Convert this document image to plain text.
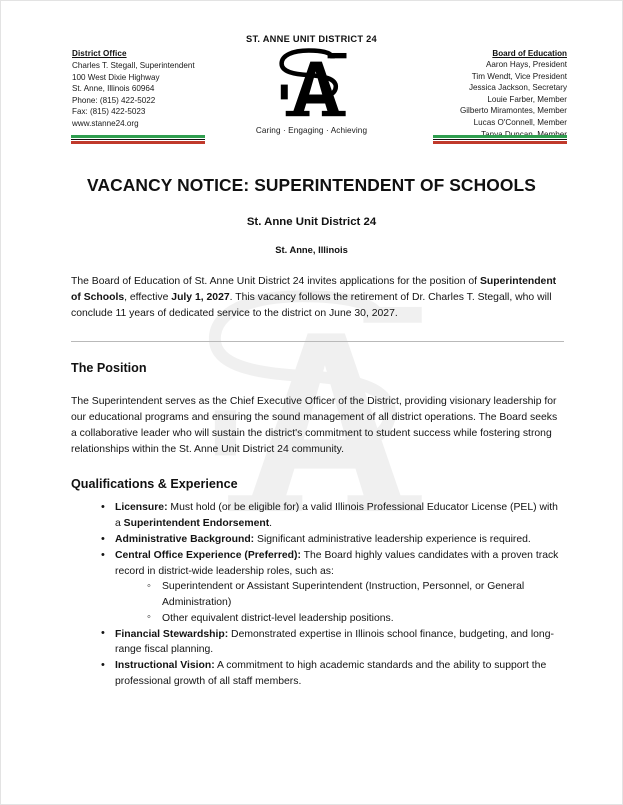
District Office
Charles T. Stegall, Superintendent
100 West Dixie Highway
St. Anne, Illinois 60964
Phone: (815) 422-5022
Fax: (815) 422-5023
www.stanne24.org
ST. ANNE UNIT DISTRICT 24
Caring · Engaging · Achieving
Board of Education
Aaron Hays, President
Tim Wendt, Vice President
Jessica Jackson, Secretary
Louie Farber, Member
Gilberto Miramontes, Member
Lucas O'Connell, Member
VACANCY NOTICE: SUPERINTENDENT OF SCHOOLS
St. Anne Unit District 24
St. Anne, Illinois

The Board of Education of St. Anne Unit District 24 invites applications for the position of Superintendent of Schools, effective July 1, 2027. This vacancy follows the retirement of Dr. Charles T. Stegall, who will conclude 11 years of dedicated service to the district on June 30, 2027.

The Position

The Superintendent serves as the Chief Executive Officer of the District, providing visionary leadership for our educational programs and ensuring the sound management of all district operations. The Board seeks a collaborative leader who will sustain the district's commitment to student success while fostering strong relationships within the St. Anne Unit District 24 community.

Qualifications & Experience
• Licensure: Must hold (or be eligible for) a valid Illinois Professional Educator License (PEL) with a Superintendent Endorsement.
• Administrative Background: Significant administrative leadership experience is required.
• Central Office Experience (Preferred): The Board highly values candidates with a proven track record in district-wide leadership roles, such as:
◦ Superintendent or Assistant Superintendent (Instruction, Personnel, or General Administration)
◦ Other equivalent district-level leadership positions.
• Financial Stewardship: Demonstrated expertise in Illinois school finance, budgeting, and long-range fiscal planning.
• Instructional Vision: A commitment to high academic standards and the ability to support the professional growth of all staff members.
